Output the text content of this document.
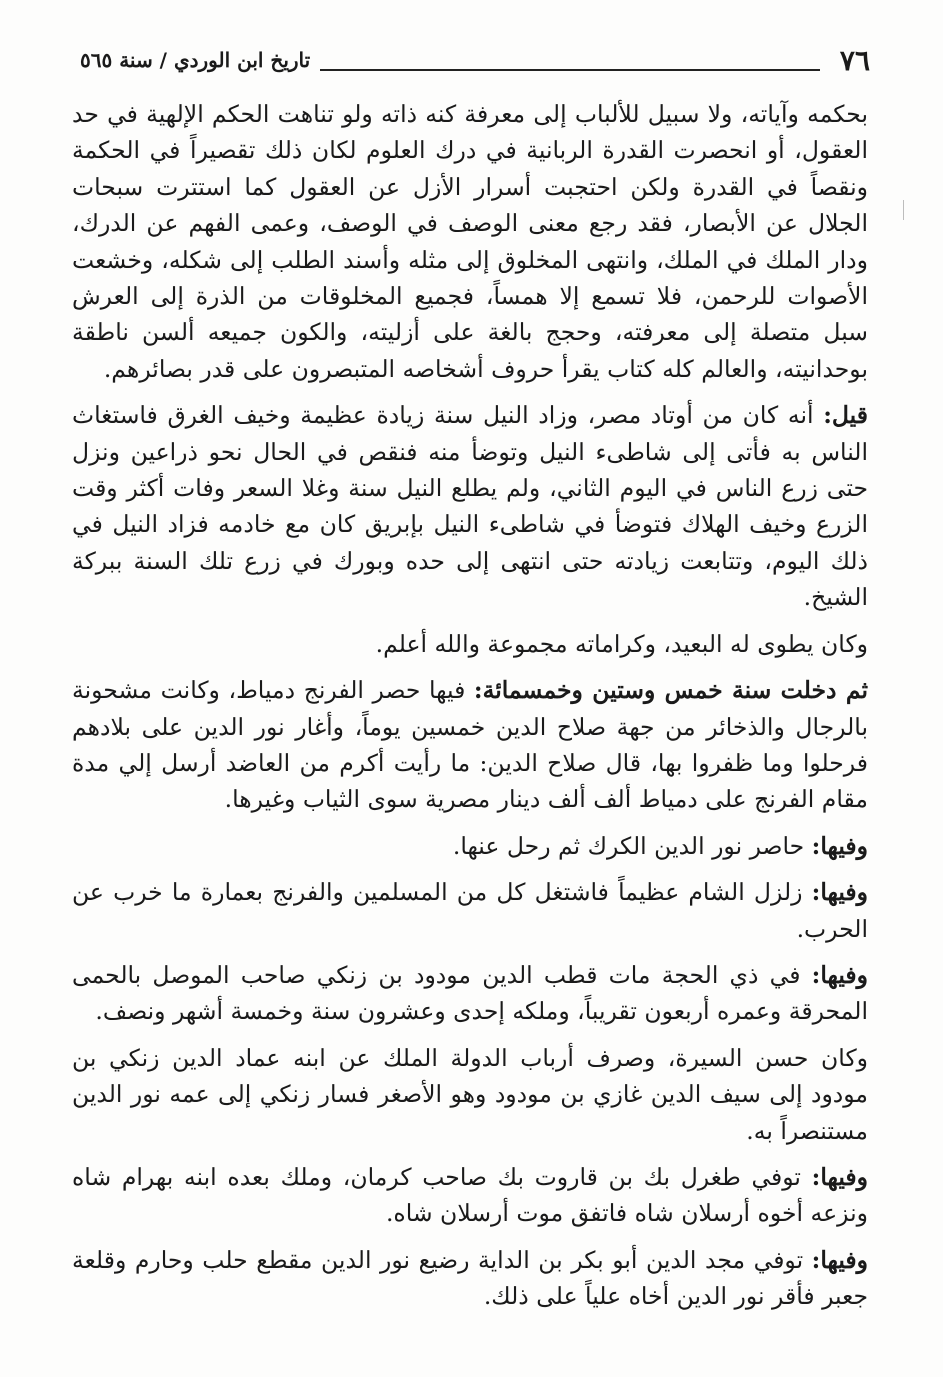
٧٦
تاريخ ابن الوردي / سنة ٥٦٥

بحكمه وآياته، ولا سبيل للألباب إلى معرفة كنه ذاته ولو تناهت الحكم الإلهية في حد العقول، أو انحصرت القدرة الربانية في درك العلوم لكان ذلك تقصيراً في الحكمة ونقصاً في القدرة ولكن احتجبت أسرار الأزل عن العقول كما استترت سبحات الجلال عن الأبصار، فقد رجع معنى الوصف في الوصف، وعمى الفهم عن الدرك، ودار الملك في الملك، وانتهى المخلوق إلى مثله وأسند الطلب إلى شكله، وخشعت الأصوات للرحمن، فلا تسمع إلا همساً، فجميع المخلوقات من الذرة إلى العرش سبل متصلة إلى معرفته، وحجج بالغة على أزليته، والكون جميعه ألسن ناطقة بوحدانيته، والعالم كله كتاب يقرأ حروف أشخاصه المتبصرون على قدر بصائرهم.

قيل: أنه كان من أوتاد مصر، وزاد النيل سنة زيادة عظيمة وخيف الغرق فاستغاث الناس به فأتى إلى شاطىء النيل وتوضأ منه فنقص في الحال نحو ذراعين ونزل حتى زرع الناس في اليوم الثاني، ولم يطلع النيل سنة وغلا السعر وفات أكثر وقت الزرع وخيف الهلاك فتوضأ في شاطىء النيل بإبريق كان مع خادمه فزاد النيل في ذلك اليوم، وتتابعت زيادته حتى انتهى إلى حده وبورك في زرع تلك السنة ببركة الشيخ.

وكان يطوى له البعيد، وكراماته مجموعة والله أعلم.

ثم دخلت سنة خمس وستين وخمسمائة: فيها حصر الفرنج دمياط، وكانت مشحونة بالرجال والذخائر من جهة صلاح الدين خمسين يوماً، وأغار نور الدين على بلادهم فرحلوا وما ظفروا بها، قال صلاح الدين: ما رأيت أكرم من العاضد أرسل إلي مدة مقام الفرنج على دمياط ألف ألف دينار مصرية سوى الثياب وغيرها.

وفيها: حاصر نور الدين الكرك ثم رحل عنها.

وفيها: زلزل الشام عظيماً فاشتغل كل من المسلمين والفرنج بعمارة ما خرب عن الحرب.

وفيها: في ذي الحجة مات قطب الدين مودود بن زنكي صاحب الموصل بالحمى المحرقة وعمره أربعون تقريباً، وملكه إحدى وعشرون سنة وخمسة أشهر ونصف.

وكان حسن السيرة، وصرف أرباب الدولة الملك عن ابنه عماد الدين زنكي بن مودود إلى سيف الدين غازي بن مودود وهو الأصغر فسار زنكي إلى عمه نور الدين مستنصراً به.

وفيها: توفي طغرل بك بن قاروت بك صاحب كرمان، وملك بعده ابنه بهرام شاه ونزعه أخوه أرسلان شاه فاتفق موت أرسلان شاه.

وفيها: توفي مجد الدين أبو بكر بن الداية رضيع نور الدين مقطع حلب وحارم وقلعة جعبر فأقر نور الدين أخاه علياً على ذلك.
